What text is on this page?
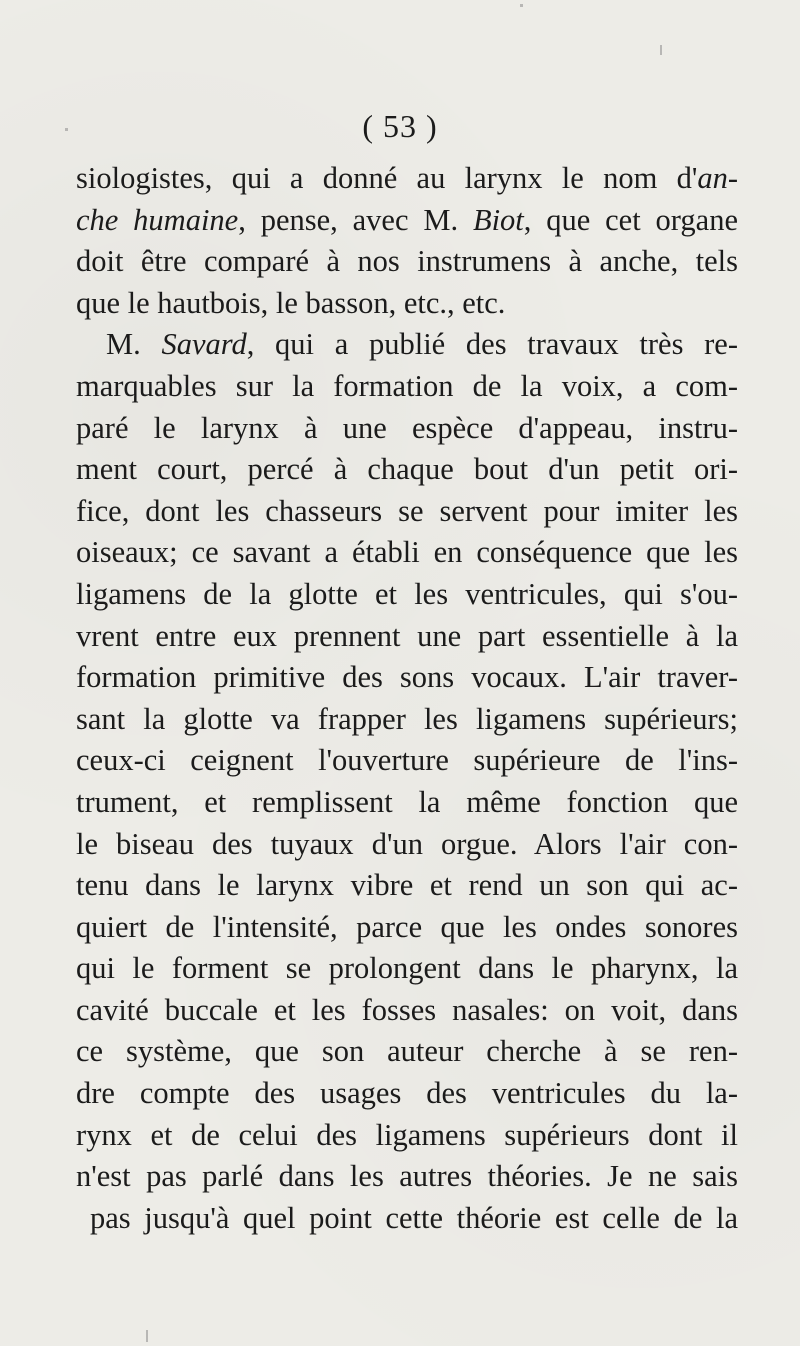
( 53 )
siologistes, qui a donné au larynx le nom d'an-
che humaine, pense, avec M. Biot, que cet organe
doit être comparé à nos instrumens à anche, tels
que le hautbois, le basson, etc., etc.
M. Savard, qui a publié des travaux très re-
marquables sur la formation de la voix, a com-
paré le larynx à une espèce d'appeau, instru-
ment court, percé à chaque bout d'un petit ori-
fice, dont les chasseurs se servent pour imiter les
oiseaux; ce savant a établi en conséquence que les
ligamens de la glotte et les ventricules, qui s'ou-
vrent entre eux prennent une part essentielle à la
formation primitive des sons vocaux. L'air traver-
sant la glotte va frapper les ligamens supérieurs;
ceux-ci ceignent l'ouverture supérieure de l'ins-
trument, et remplissent la même fonction que
le biseau des tuyaux d'un orgue. Alors l'air con-
tenu dans le larynx vibre et rend un son qui ac-
quiert de l'intensité, parce que les ondes sonores
qui le forment se prolongent dans le pharynx, la
cavité buccale et les fosses nasales: on voit, dans
ce système, que son auteur cherche à se ren-
dre compte des usages des ventricules du la-
rynx et de celui des ligamens supérieurs dont il
n'est pas parlé dans les autres théories. Je ne sais
pas jusqu'à quel point cette théorie est celle de la
